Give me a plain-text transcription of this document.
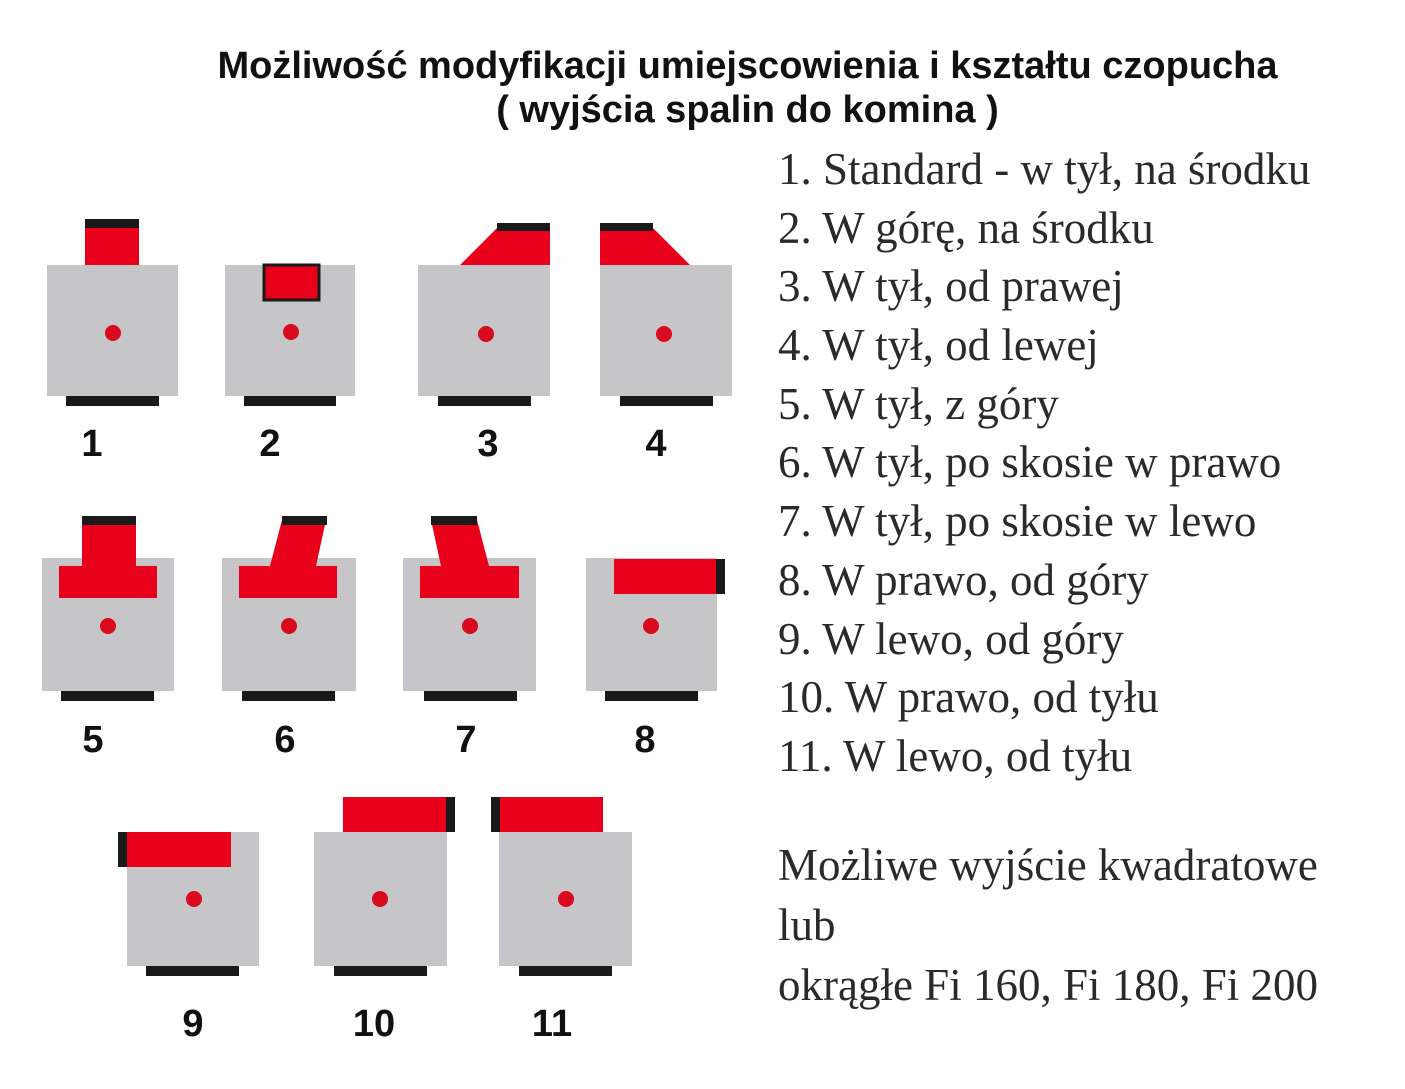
Możliwość modyfikacji umiejscowienia i kształtu czopucha
( wyjścia spalin do komina )
1	2	3	4
5	6	7	8
9	10	11
1. Standard - w tył, na środku
2. W górę, na środku
3. W tył, od prawej
4. W tył, od lewej
5. W tył, z góry
6. W tył, po skosie w prawo
7. W tył, po skosie w lewo
8. W prawo, od góry
9. W lewo, od góry
10. W prawo, od tyłu
11. W lewo, od tyłu

Możliwe wyjście kwadratowe
lub
okrągłe Fi 160, Fi 180, Fi 200
